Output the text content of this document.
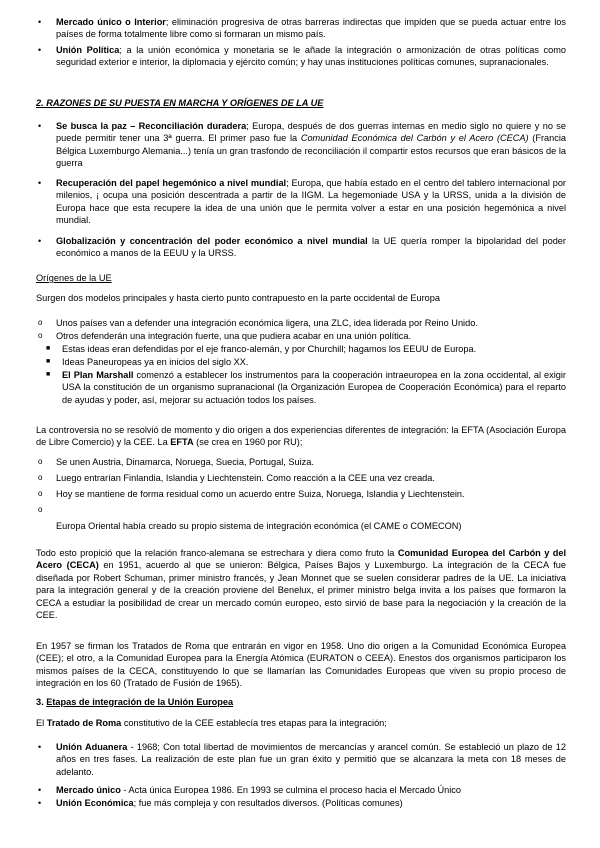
• Mercado único o Interior; eliminación progresiva de otras barreras indirectas que impiden que se pueda actuar entre los países de forma totalmente libre como si formaran un mismo país.
• Unión Política; a la unión económica y monetaria se le añade la integración o armonización de otras políticas como seguridad exterior e interior, la diplomacia y ejército común; y hay unas instituciones políticas comunes, supranacionales.
2. RAZONES DE SU PUESTA EN MARCHA Y ORÍGENES DE LA UE
• Se busca la paz – Reconciliación duradera; Europa, después de dos guerras internas en medio siglo no quiere y no se puede permitir tener una 3ª guerra. El primer paso fue la Comunidad Económica del Carbón y el Acero (CECA) (Francia Bélgica Luxemburgo Alemania...) tenía un gran trasfondo de reconciliación il compartir estos recursos que eran básicos de la guerra
• Recuperación del papel hegemónico a nivel mundial; Europa, que había estado en el centro del tablero internacional por milenios, ¡ ocupa una posición descentrada a partir de la IIGM. La hegemoniade USA y la URSS, unida a la división de Europa hace que esta recupere la idea de una unión que le permita volver a estar en una posición hegemónica a nivel mundial.
• Globalización y concentración del poder económico a nivel mundial la UE quería romper la bipolaridad del poder económico a manos de la EEUU y la URSS.
Orígenes de la UE
Surgen dos modelos principales y hasta cierto punto contrapuesto en la parte occidental de Europa
o Unos países van a defender una integración económica ligera, una ZLC, idea liderada por Reino Unido.
o Otros defenderán una integración fuerte, una que pudiera acabar en una unión política.
■ Estas ideas eran defendidas por el eje franco-alemán, y por Churchill; hagamos los EEUU de Europa.
■ Ideas Paneuropeas ya en inicios del siglo XX.
■ El Plan Marshall comenzó a establecer los instrumentos para la cooperación intraeuropea en la zona occidental, al exigir USA la constitución de un organismo supranacional (la Organización Europea de Cooperación Económica) para el reparto de ayudas y poder, así, mejorar su actuación todos los países.
La controversia no se resolvió de momento y dio origen a dos experiencias diferentes de integración: la EFTA (Asociación Europa de Libre Comercio) y la CEE. La EFTA (se crea en 1960 por RU);
o Se unen Austria, Dinamarca, Noruega, Suecia, Portugal, Suiza.
o Luego entrarían Finlandia, Islandia y Liechtenstein. Como reacción a la CEE una vez creada.
o Hoy se mantiene de forma residual como un acuerdo entre Suiza, Noruega, Islandia y Liechtenstein.
o
Europa Oriental había creado su propio sistema de integración económica (el CAME o COMECON)
Todo esto propició que la relación franco-alemana se estrechara y diera como fruto la Comunidad Europea del Carbón y del Acero (CECA) en 1951, acuerdo al que se unieron: Bélgica, Países Bajos y Luxemburgo. La integración de la CECA fue diseñada por Robert Schuman, primer ministro francés, y Jean Monnet que se suelen considerar padres de la UE. La iniciativa para la integración general y de la creación proviene del Benelux, el primer ministro belga invita a los países que formaron la CECA a estudiar la posibilidad de crear un mercado común europeo, esto sirvió de base para la negociación y la creación de la CEE.
En 1957 se firman los Tratados de Roma que entrarán en vigor en 1958. Uno dio origen a la Comunidad Económica Europea (CEE); el otro, a la Comunidad Europea para la Energía Atómica (EURATON o CEEA). Enestos dos organismos participaron los mismos países de la CECA, constituyendo lo que se llamarían las Comunidades Europeas que viven su propio proceso de integración en los 60 (Tratado de Fusión de 1965).
3. Etapas de integración de la Unión Europea
El Tratado de Roma constitutivo de la CEE establecía tres etapas para la integración;
• Unión Aduanera - 1968; Con total libertad de movimientos de mercancías y arancel común. Se estableció un plazo de 12 años en tres fases. La realización de este plan fue un gran éxito y permitió que se alcanzara la meta con 18 meses de adelanto.
• Mercado único - Acta única Europea 1986. En 1993 se culmina el proceso hacia el Mercado Único
• Unión Económica; fue más compleja y con resultados diversos. (Políticas comunes)
